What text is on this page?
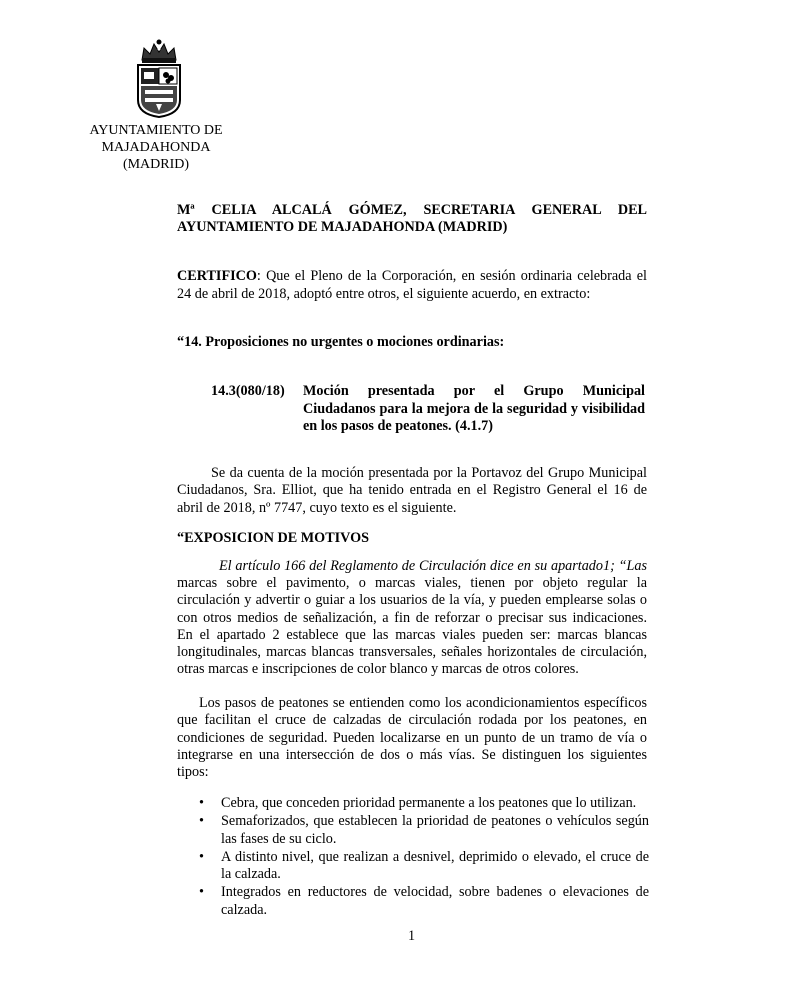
AYUNTAMIENTO DE
MAJADAHONDA
(MADRID)
Mª CELIA ALCALÁ GÓMEZ, SECRETARIA GENERAL DEL
AYUNTAMIENTO DE MAJADAHONDA (MADRID)
CERTIFICO: Que el Pleno de la Corporación, en sesión ordinaria celebrada el
24 de abril de 2018, adoptó entre otros, el siguiente acuerdo, en extracto:
“14. Proposiciones no urgentes o mociones ordinarias:
14.3(080/18) Moción presentada por el Grupo Municipal
Ciudadanos para la mejora de la seguridad y visibilidad
en los pasos de peatones. (4.1.7)
Se da cuenta de la moción presentada por la Portavoz del Grupo Municipal
Ciudadanos, Sra. Elliot, que ha tenido entrada en el Registro General el 16 de
abril de 2018, nº 7747, cuyo texto es el siguiente.
“EXPOSICION DE MOTIVOS
El artículo 166 del Reglamento de Circulación dice en su apartado1; “Las
marcas sobre el pavimento, o marcas viales, tienen por objeto regular la
circulación y advertir o guiar a los usuarios de la vía, y pueden emplearse solas o
con otros medios de señalización, a fin de reforzar o precisar sus indicaciones.
En el apartado 2 establece que las marcas viales pueden ser: marcas blancas
longitudinales, marcas blancas transversales, señales horizontales de circulación,
otras marcas e inscripciones de color blanco y marcas de otros colores.
Los pasos de peatones se entienden como los acondicionamientos específicos
que facilitan el cruce de calzadas de circulación rodada por los peatones, en
condiciones de seguridad. Pueden localizarse en un punto de un tramo de vía o
integrarse en una intersección de dos o más vías. Se distinguen los siguientes
tipos:
• Cebra, que conceden prioridad permanente a los peatones que lo utilizan.
• Semaforizados, que establecen la prioridad de peatones o vehículos según
las fases de su ciclo.
• A distinto nivel, que realizan a desnivel, deprimido o elevado, el cruce de
la calzada.
• Integrados en reductores de velocidad, sobre badenes o elevaciones de
calzada.
1
